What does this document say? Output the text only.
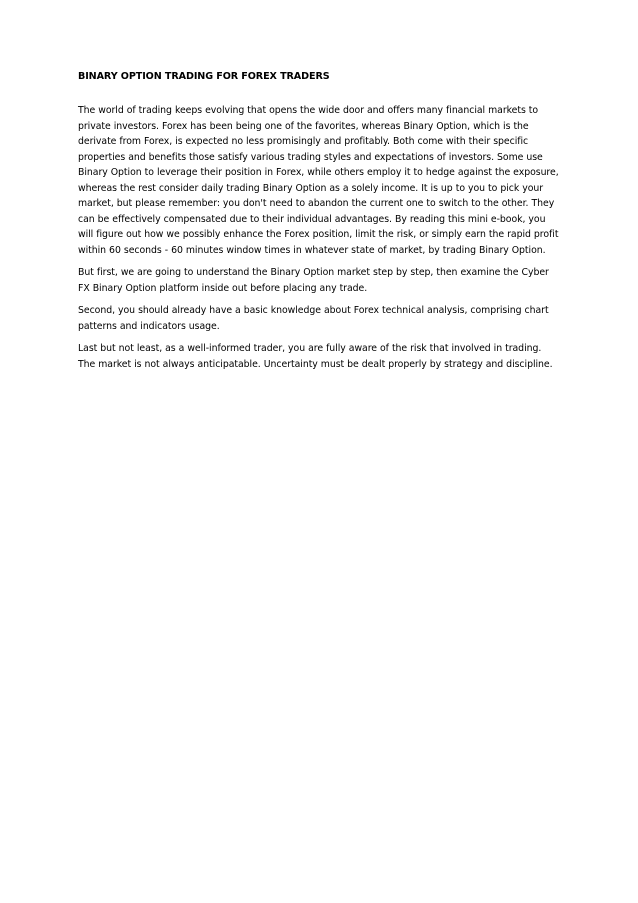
BINARY OPTION TRADING FOR FOREX TRADERS

The world of trading keeps evolving that opens the wide door and offers many financial markets to private investors. Forex has been being one of the favorites, whereas Binary Option, which is the derivate from Forex, is expected no less promisingly and profitably. Both come with their specific properties and benefits those satisfy various trading styles and expectations of investors. Some use Binary Option to leverage their position in Forex, while others employ it to hedge against the exposure, whereas the rest consider daily trading Binary Option as a solely income. It is up to you to pick your market, but please remember: you don't need to abandon the current one to switch to the other. They can be effectively compensated due to their individual advantages. By reading this mini e-book, you will figure out how we possibly enhance the Forex position, limit the risk, or simply earn the rapid profit within 60 seconds - 60 minutes window times in whatever state of market, by trading Binary Option.

But first, we are going to understand the Binary Option market step by step, then examine the Cyber FX Binary Option platform inside out before placing any trade.

Second, you should already have a basic knowledge about Forex technical analysis, comprising chart patterns and indicators usage.

Last but not least, as a well-informed trader, you are fully aware of the risk that involved in trading. The market is not always anticipatable. Uncertainty must be dealt properly by strategy and discipline.
